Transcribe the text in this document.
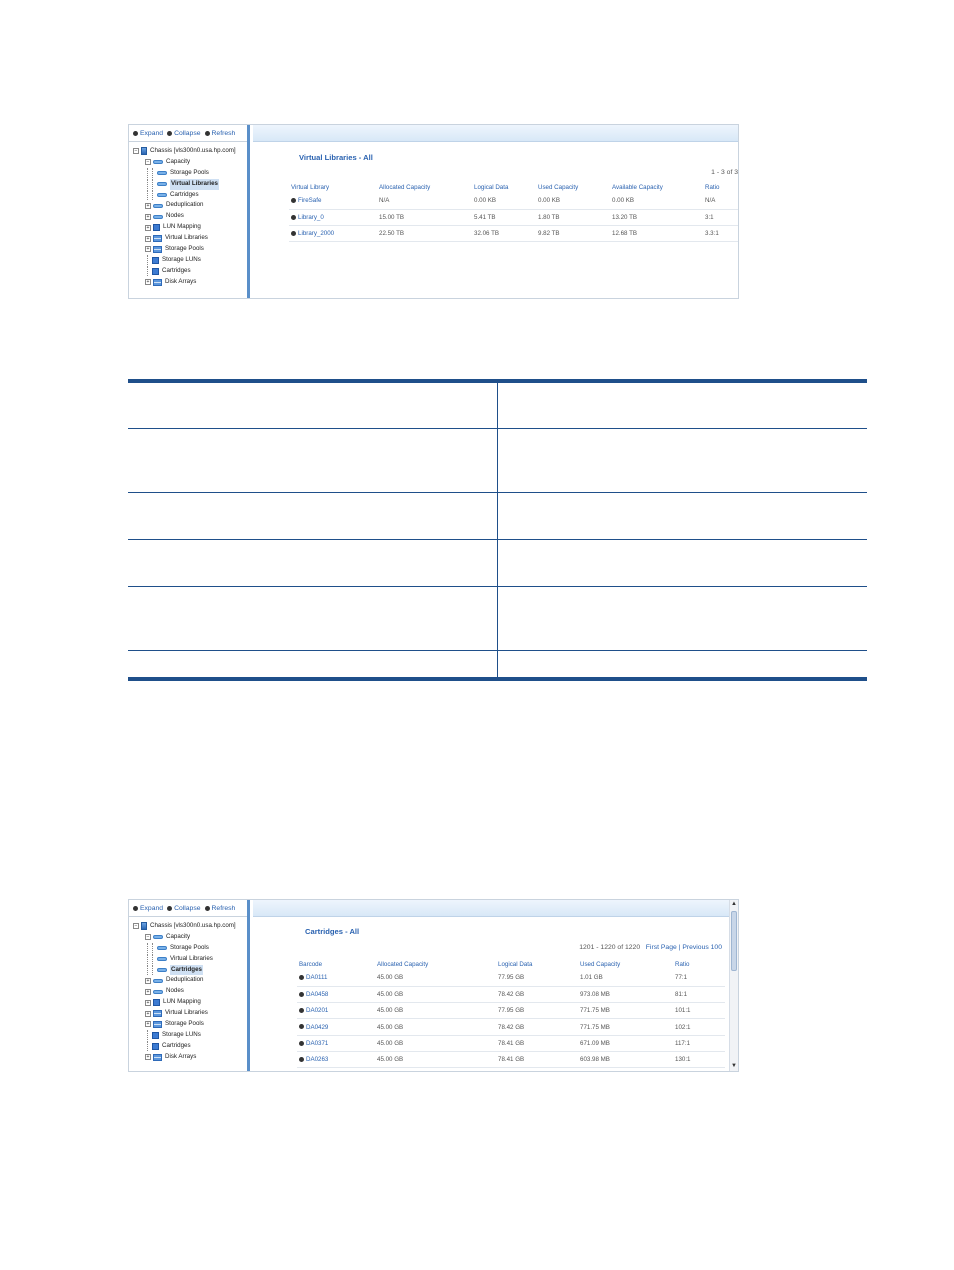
Expand Collapse Refresh
− Chassis [vls300n0.usa.hp.com]
−	Capacity
Storage Pools
Virtual Libraries
Cartridges
+	Deduplication
+	Nodes
+ LUN Mapping
+	Virtual Libraries
+	Storage Pools
Storage LUNs
Cartridges
+	Disk Arrays
Virtual Libraries - All
1 - 3 of 3
Virtual Library	Allocated Capacity	Logical Data	Used Capacity	Available Capacity	Ratio
FireSafe	N/A	0.00 KB	0.00 KB	0.00 KB	N/A
Library_0	15.00 TB	5.41 TB	1.80 TB	13.20 TB	3:1
Library_2000	22.50 TB	32.06 TB	9.82 TB	12.68 TB	3.3:1

Expand Collapse Refresh
− Chassis [vls300n0.usa.hp.com]
−	Capacity
Storage Pools
Virtual Libraries
Cartridges
+	Deduplication
+	Nodes
+ LUN Mapping
+	Virtual Libraries
+	Storage Pools
Storage LUNs
Cartridges
+	Disk Arrays
Cartridges - All
1201 - 1220 of 1220 First Page | Previous 100
Barcode	Allocated Capacity	Logical Data	Used Capacity	Ratio
DA0111	45.00 GB	77.95 GB	1.01 GB	77:1
DA0458	45.00 GB	78.42 GB	973.08 MB	81:1
DA0201	45.00 GB	77.95 GB	771.75 MB	101:1
DA0429	45.00 GB	78.42 GB	771.75 MB	102:1
DA0371	45.00 GB	78.41 GB	671.09 MB	117:1
DA0263	45.00 GB	78.41 GB	603.98 MB	130:1
▲
▼
